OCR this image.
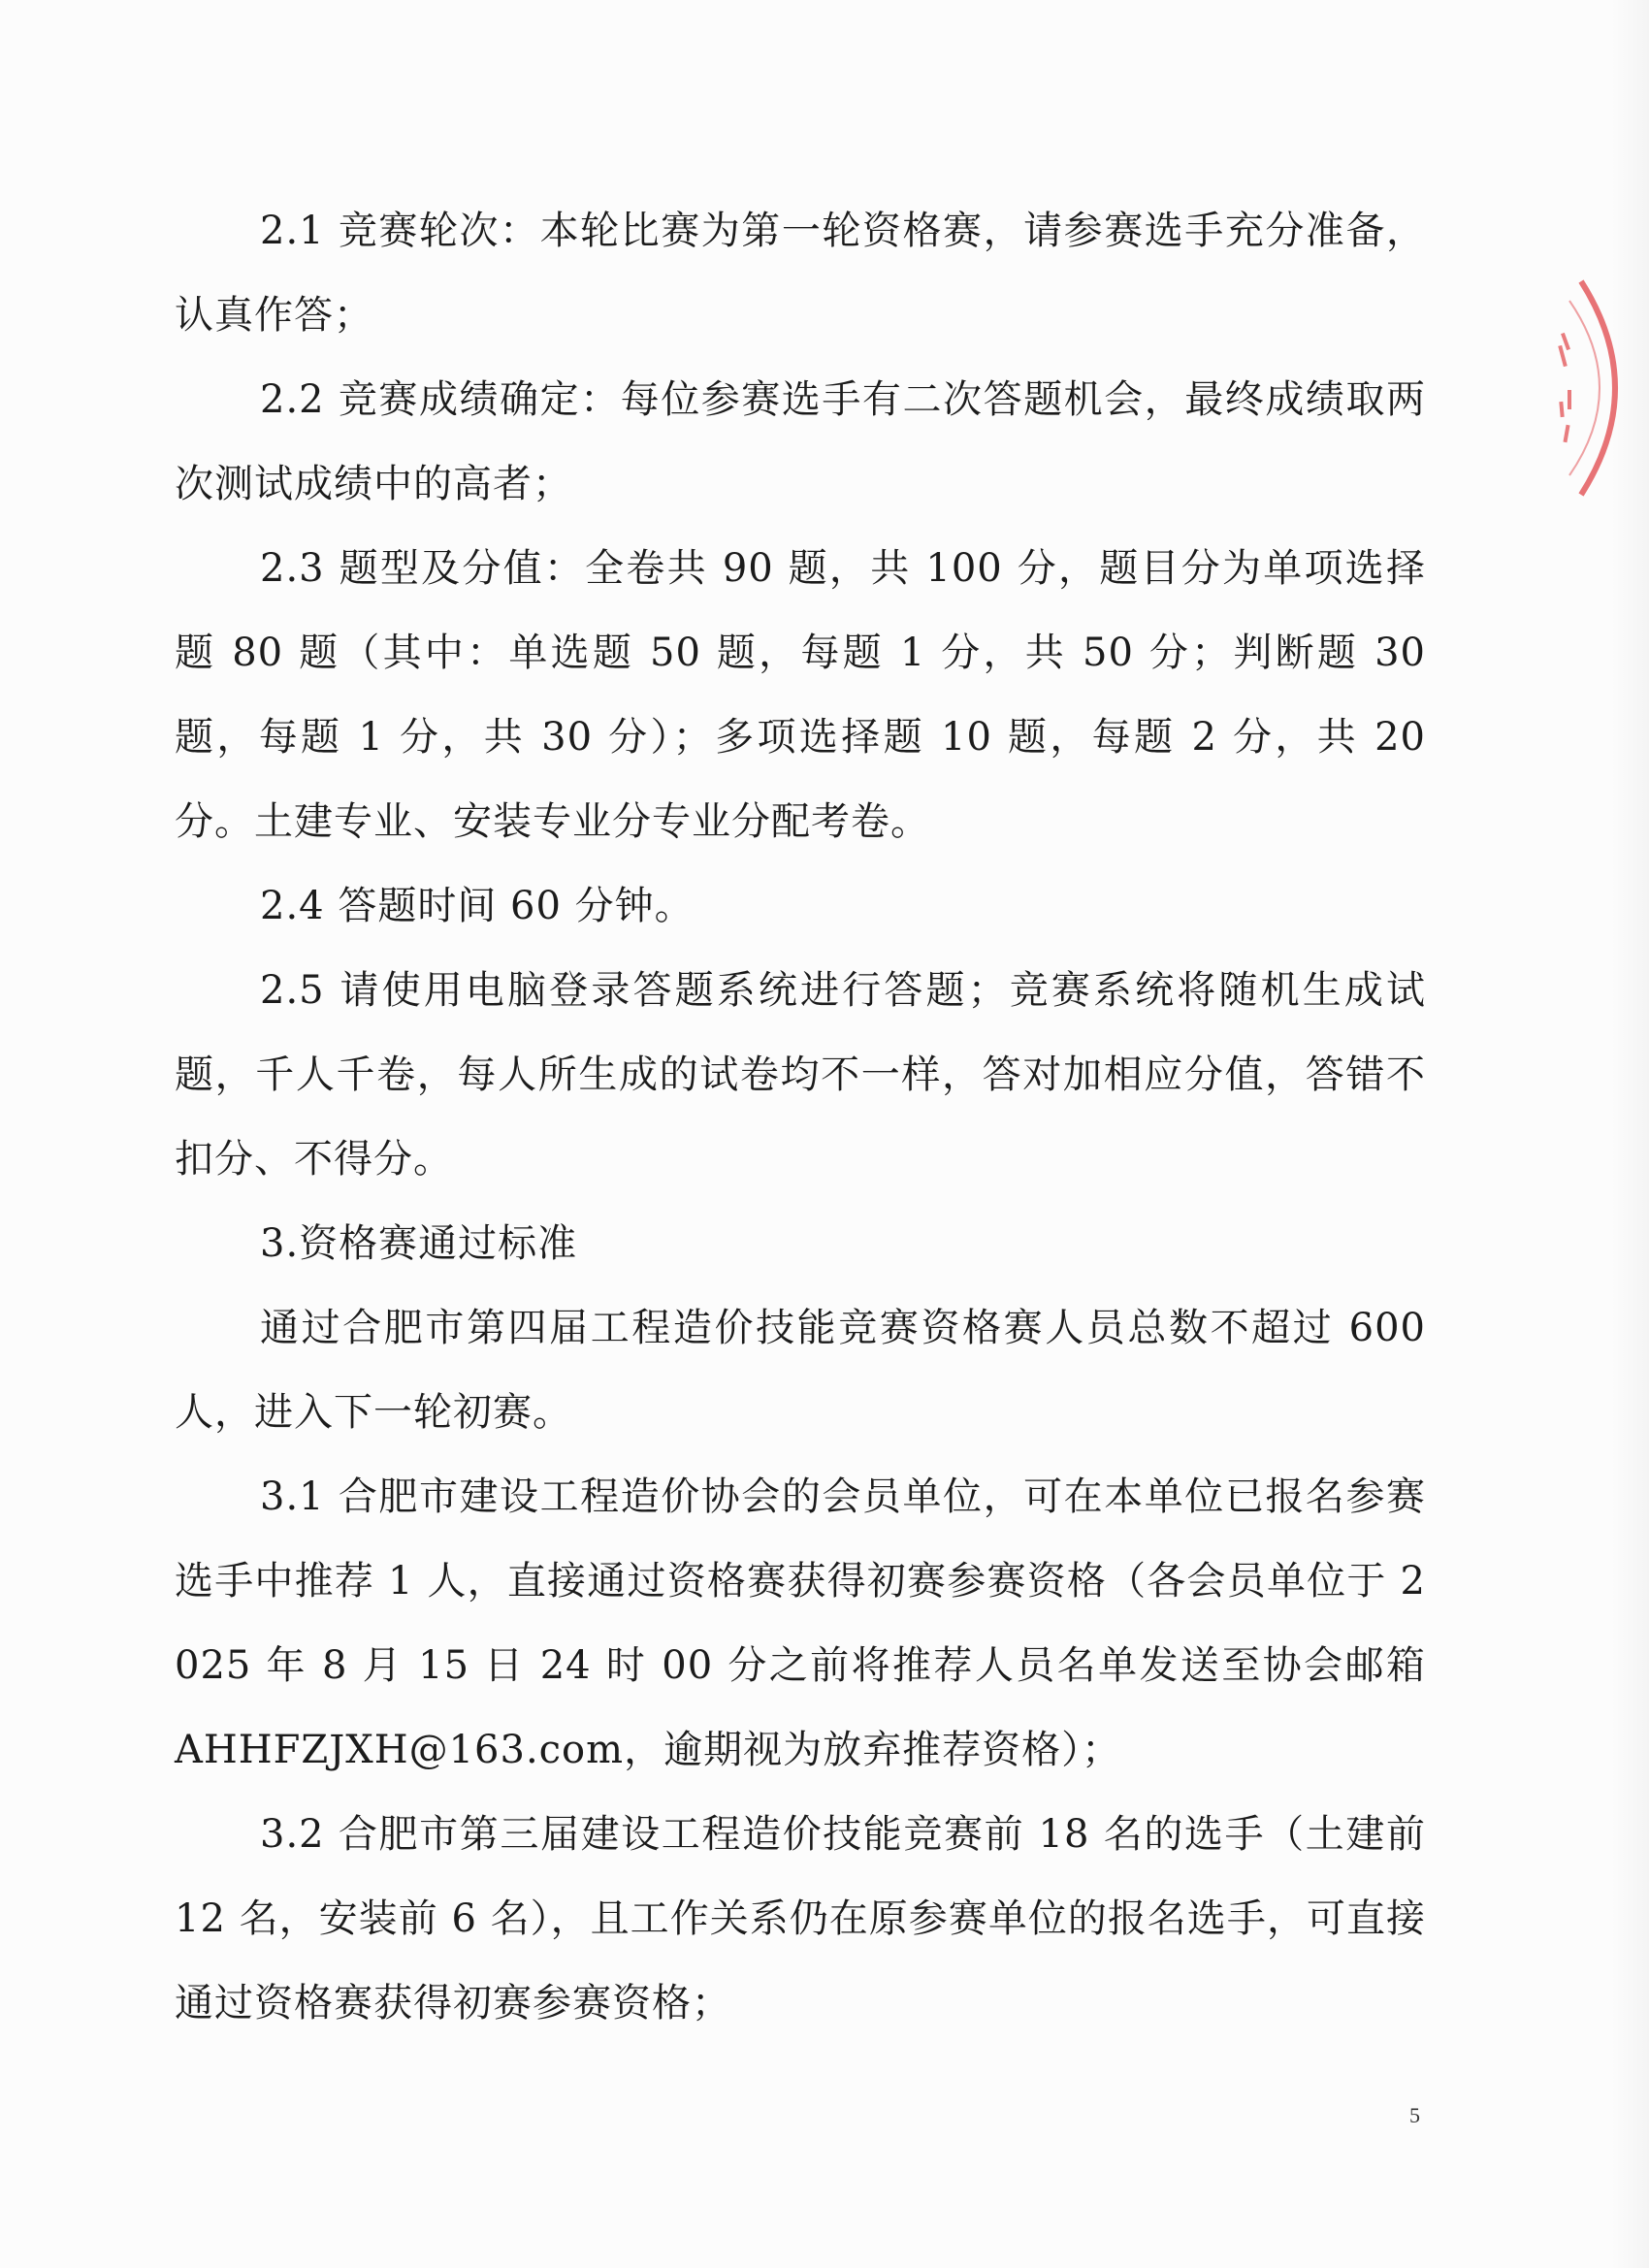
2.1 竞赛轮次：本轮比赛为第一轮资格赛，请参赛选手充分准备，认真作答；

2.2 竞赛成绩确定：每位参赛选手有二次答题机会，最终成绩取两次测试成绩中的高者；

2.3 题型及分值：全卷共 90 题，共 100 分，题目分为单项选择题 80 题（其中：单选题 50 题，每题 1 分，共 50 分；判断题 30 题，每题 1 分，共 30 分）；多项选择题 10 题，每题 2 分，共 20 分。土建专业、安装专业分专业分配考卷。

2.4 答题时间 60 分钟。

2.5 请使用电脑登录答题系统进行答题；竞赛系统将随机生成试题，千人千卷，每人所生成的试卷均不一样，答对加相应分值，答错不扣分、不得分。

3.资格赛通过标准

通过合肥市第四届工程造价技能竞赛资格赛人员总数不超过 600 人，进入下一轮初赛。

3.1 合肥市建设工程造价协会的会员单位，可在本单位已报名参赛选手中推荐 1 人，直接通过资格赛获得初赛参赛资格（各会员单位于 2025 年 8 月 15 日 24 时 00 分之前将推荐人员名单发送至协会邮箱 AHHFZJXH@163.com，逾期视为放弃推荐资格）；

3.2 合肥市第三届建设工程造价技能竞赛前 18 名的选手（土建前 12 名，安装前 6 名），且工作关系仍在原参赛单位的报名选手，可直接通过资格赛获得初赛参赛资格；

5
